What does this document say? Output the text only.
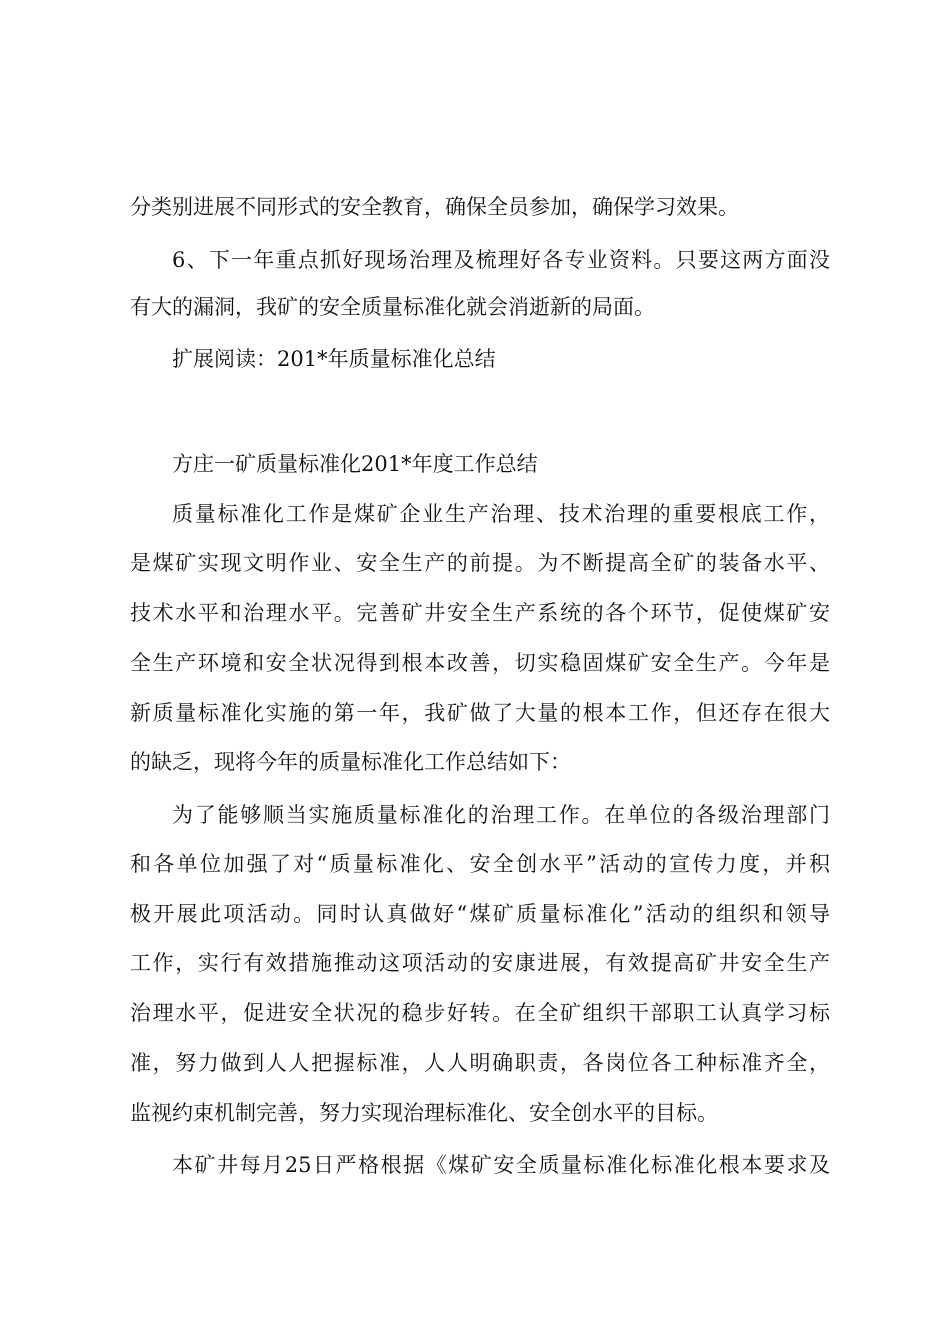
分类别进展不同形式的安全教育，确保全员参加，确保学习效果。
6、下一年重点抓好现场治理及梳理好各专业资料。只要这两方面没
有大的漏洞，我矿的安全质量标准化就会消逝新的局面。
扩展阅读：201*年质量标准化总结
方庄一矿质量标准化201*年度工作总结
质量标准化工作是煤矿企业生产治理、技术治理的重要根底工作，
是煤矿实现文明作业、安全生产的前提。为不断提高全矿的装备水平、
技术水平和治理水平。完善矿井安全生产系统的各个环节，促使煤矿安
全生产环境和安全状况得到根本改善，切实稳固煤矿安全生产。今年是
新质量标准化实施的第一年，我矿做了大量的根本工作，但还存在很大
的缺乏，现将今年的质量标准化工作总结如下：
为了能够顺当实施质量标准化的治理工作。在单位的各级治理部门
和各单位加强了对“质量标准化、安全创水平”活动的宣传力度，并积
极开展此项活动。同时认真做好“煤矿质量标准化”活动的组织和领导
工作，实行有效措施推动这项活动的安康进展，有效提高矿井安全生产
治理水平，促进安全状况的稳步好转。在全矿组织干部职工认真学习标
准，努力做到人人把握标准，人人明确职责，各岗位各工种标准齐全，
监视约束机制完善，努力实现治理标准化、安全创水平的目标。
本矿井每月25日严格根据《煤矿安全质量标准化标准化根本要求及
